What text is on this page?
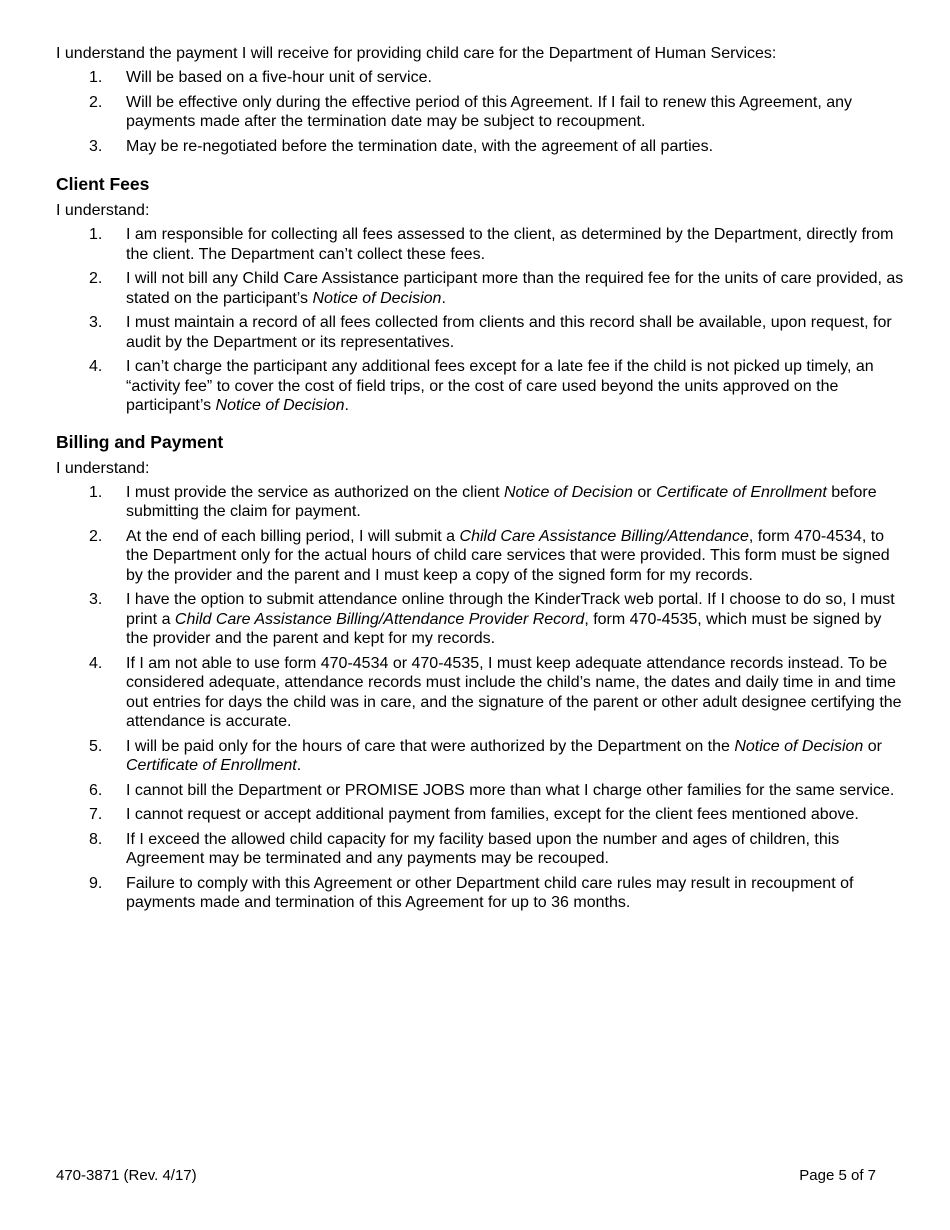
I understand the payment I will receive for providing child care for the Department of Human Services:

1.	Will be based on a five-hour unit of service.
2.	Will be effective only during the effective period of this Agreement. If I fail to renew this Agreement, any payments made after the termination date may be subject to recoupment.
3.	May be re-negotiated before the termination date, with the agreement of all parties.
Client Fees

I understand:

1.	I am responsible for collecting all fees assessed to the client, as determined by the Department, directly from the client. The Department can’t collect these fees.
2.	I will not bill any Child Care Assistance participant more than the required fee for the units of care provided, as stated on the participant’s Notice of Decision.
3.	I must maintain a record of all fees collected from clients and this record shall be available, upon request, for audit by the Department or its representatives.
4.	I can’t charge the participant any additional fees except for a late fee if the child is not picked up timely, an “activity fee” to cover the cost of field trips, or the cost of care used beyond the units approved on the participant’s Notice of Decision.
Billing and Payment

I understand:

1.	I must provide the service as authorized on the client Notice of Decision or Certificate of Enrollment before submitting the claim for payment.
2.	At the end of each billing period, I will submit a Child Care Assistance Billing/Attendance, form 470-4534, to the Department only for the actual hours of child care services that were provided. This form must be signed by the provider and the parent and I must keep a copy of the signed form for my records.
3.	I have the option to submit attendance online through the KinderTrack web portal. If I choose to do so, I must print a Child Care Assistance Billing/Attendance Provider Record, form 470-4535, which must be signed by the provider and the parent and kept for my records.
4.	If I am not able to use form 470-4534 or 470-4535, I must keep adequate attendance records instead. To be considered adequate, attendance records must include the child’s name, the dates and daily time in and time out entries for days the child was in care, and the signature of the parent or other adult designee certifying the attendance is accurate.
5.	I will be paid only for the hours of care that were authorized by the Department on the Notice of Decision or Certificate of Enrollment.
6.	I cannot bill the Department or PROMISE JOBS more than what I charge other families for the same service.
7.	I cannot request or accept additional payment from families, except for the client fees mentioned above.
8.	If I exceed the allowed child capacity for my facility based upon the number and ages of children, this Agreement may be terminated and any payments may be recouped.
9.	Failure to comply with this Agreement or other Department child care rules may result in recoupment of payments made and termination of this Agreement for up to 36 months.
470-3871 (Rev. 4/17)	Page 5 of 7
